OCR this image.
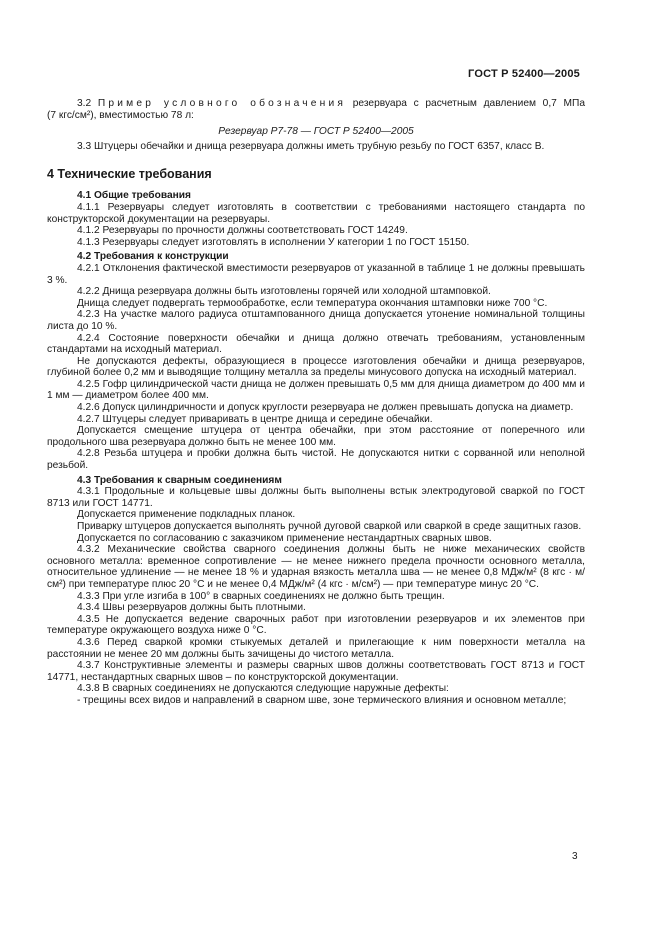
ГОСТ Р 52400—2005

3.2 Пример условного обозначения резервуара с расчетным давлением 0,7 МПа

(7 кгс/см²), вместимостью 78 л:

Резервуар Р7-78 — ГОСТ Р 52400—2005

3.3 Штуцеры обечайки и днища резервуара должны иметь трубную резьбу по ГОСТ 6357, класс В.

4 Технические требования

4.1 Общие требования

4.1.1 Резервуары следует изготовлять в соответствии с требованиями настоящего стандарта по конструкторской документации на резервуары.

4.1.2 Резервуары по прочности должны соответствовать ГОСТ 14249.

4.1.3 Резервуары следует изготовлять в исполнении У категории 1 по ГОСТ 15150.

4.2 Требования к конструкции

4.2.1 Отклонения фактической вместимости резервуаров от указанной в таблице 1 не должны превышать 3 %.

4.2.2 Днища резервуара должны быть изготовлены горячей или холодной штамповкой.

Днища следует подвергать термообработке, если температура окончания штамповки ниже 700 °С.

4.2.3 На участке малого радиуса отштампованного днища допускается утонение номинальной толщины листа до 10 %.

4.2.4 Состояние поверхности обечайки и днища должно отвечать требованиям, установленным стандартами на исходный материал.

Не допускаются дефекты, образующиеся в процессе изготовления обечайки и днища резервуаров, глубиной более 0,2 мм и выводящие толщину металла за пределы минусового допуска на исходный материал.

4.2.5 Гофр цилиндрической части днища не должен превышать 0,5 мм для днища диаметром до 400 мм и 1 мм — диаметром более 400 мм.

4.2.6 Допуск цилиндричности и допуск круглости резервуара не должен превышать допуска на диаметр.

4.2.7 Штуцеры следует приваривать в центре днища и середине обечайки.

Допускается смещение штуцера от центра обечайки, при этом расстояние от поперечного или продольного шва резервуара должно быть не менее 100 мм.

4.2.8 Резьба штуцера и пробки должна быть чистой. Не допускаются нитки с сорванной или неполной резьбой.

4.3 Требования к сварным соединениям

4.3.1 Продольные и кольцевые швы должны быть выполнены встык электродуговой сваркой по ГОСТ 8713 или ГОСТ 14771.

Допускается применение подкладных планок.

Приварку штуцеров допускается выполнять ручной дуговой сваркой или сваркой в среде защитных газов.

Допускается по согласованию с заказчиком применение нестандартных сварных швов.

4.3.2 Механические свойства сварного соединения должны быть не ниже механических свойств основного металла: временное сопротивление — не менее нижнего предела прочности основного металла, относительное удлинение — не менее 18 % и ударная вязкость металла шва — не менее 0,8 МДж/м² (8 кгс · м/см²) при температуре плюс 20 °С и не менее 0,4 МДж/м² (4 кгс · м/см²) — при температуре минус 20 °С.

4.3.3 При угле изгиба в 100° в сварных соединениях не должно быть трещин.

4.3.4 Швы резервуаров должны быть плотными.

4.3.5 Не допускается ведение сварочных работ при изготовлении резервуаров и их элементов при температуре окружающего воздуха ниже 0 °С.

4.3.6 Перед сваркой кромки стыкуемых деталей и прилегающие к ним поверхности металла на расстоянии не менее 20 мм должны быть зачищены до чистого металла.

4.3.7 Конструктивные элементы и размеры сварных швов должны соответствовать ГОСТ 8713 и ГОСТ 14771, нестандартных сварных швов – по конструкторской документации.

4.3.8 В сварных соединениях не допускаются следующие наружные дефекты:

- трещины всех видов и направлений в сварном шве, зоне термического влияния и основном металле;

3
